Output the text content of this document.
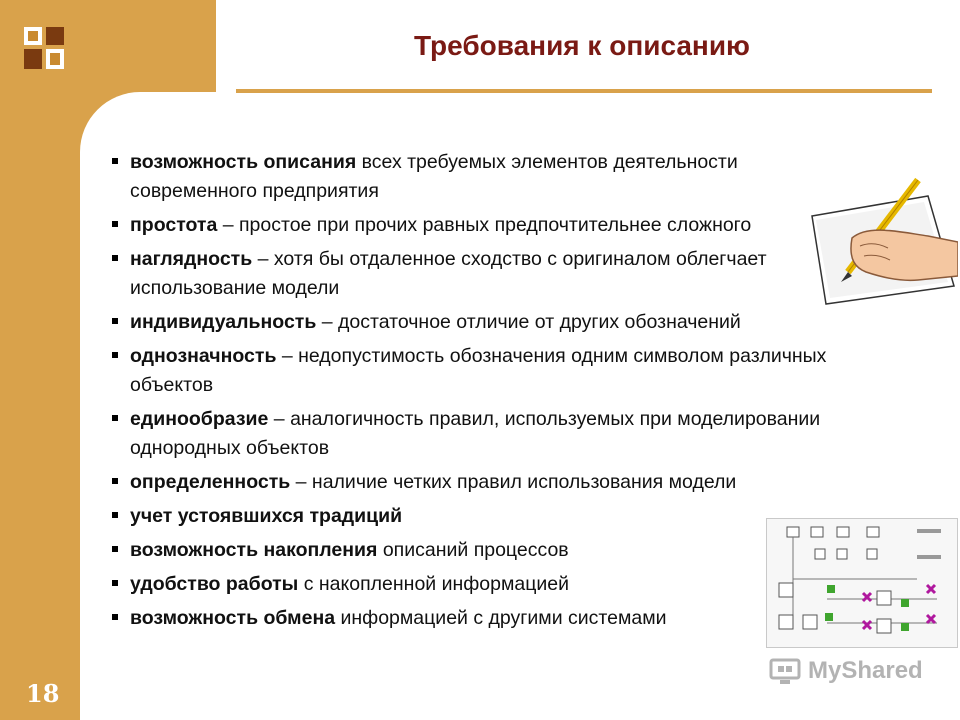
Требования к описанию
возможность описания всех требуемых элементов деятельности современного предприятия
простота – простое при прочих равных предпочтительнее сложного
наглядность – хотя бы отдаленное сходство с оригиналом облегчает использование модели
индивидуальность – достаточное отличие от других обозначений
однозначность – недопустимость обозначения одним символом различных объектов
единообразие – аналогичность правил, используемых при моделировании однородных объектов
определенность – наличие четких правил использования модели
учет устоявшихся традиций
возможность накопления описаний процессов
удобство работы с накопленной информацией
возможность обмена информацией с другими системами
18
MyShared
